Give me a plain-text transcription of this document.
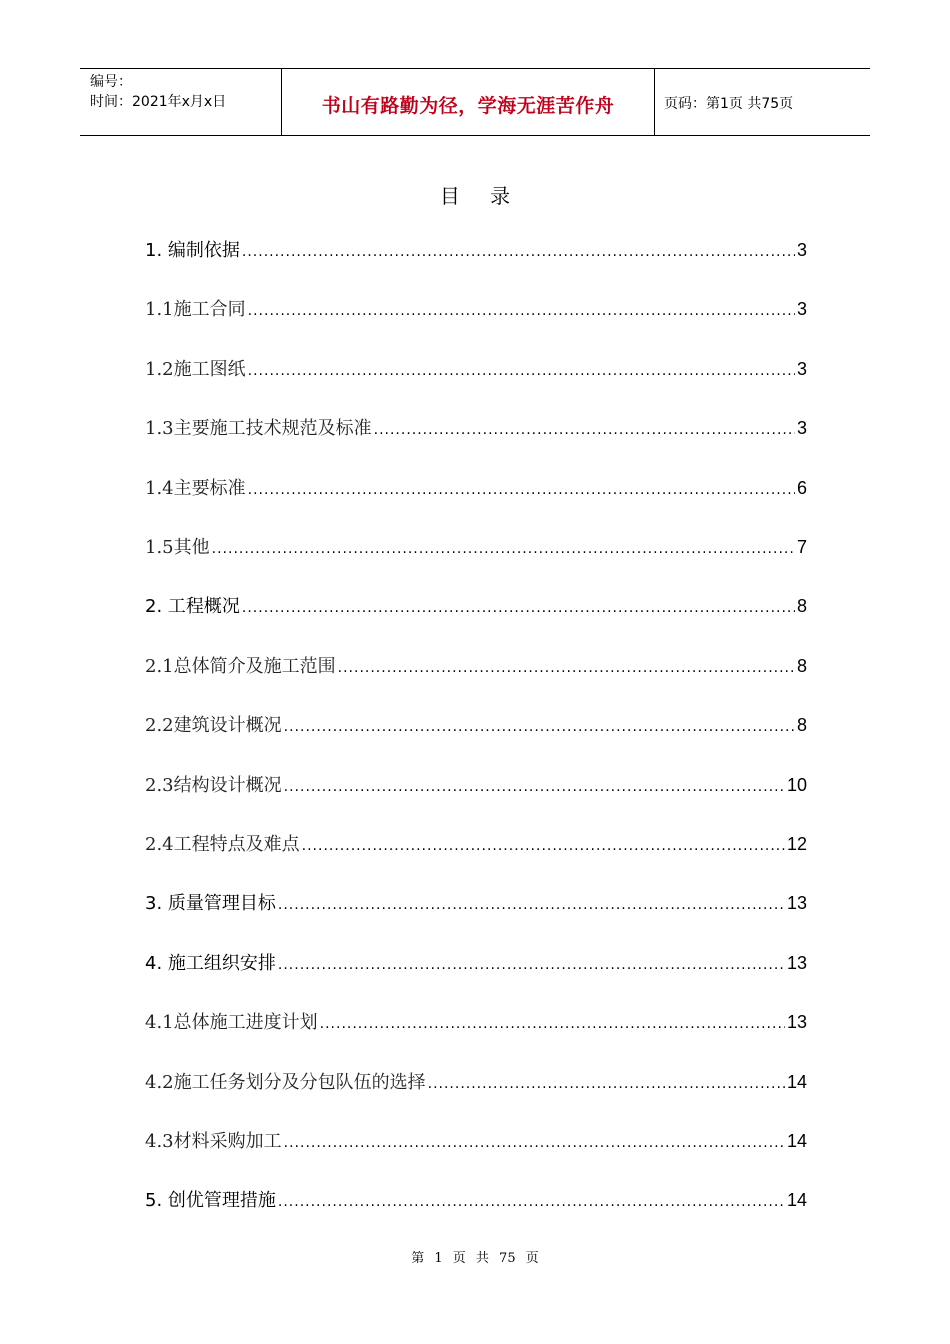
编号：
时间：2021年x月x日	书山有路勤为径，学海无涯苦作舟	页码：第1页 共75页
目 录
1. 编制依据 .....	3
1.1施工合同 .....	3
1.2施工图纸 .....	3
1.3主要施工技术规范及标准 .....	3
1.4主要标准 .....	6
1.5其他 .....	7
2. 工程概况 .....	8
2.1总体简介及施工范围 .....	8
2.2建筑设计概况 .....	8
2.3结构设计概况 .....	10
2.4工程特点及难点 .....	12
3. 质量管理目标 .....	13
4. 施工组织安排 .....	13
4.1总体施工进度计划 .....	13
4.2施工任务划分及分包队伍的选择 .....	14
4.3材料采购加工 .....	14
5. 创优管理措施 .....	14
第 1 页 共 75 页
